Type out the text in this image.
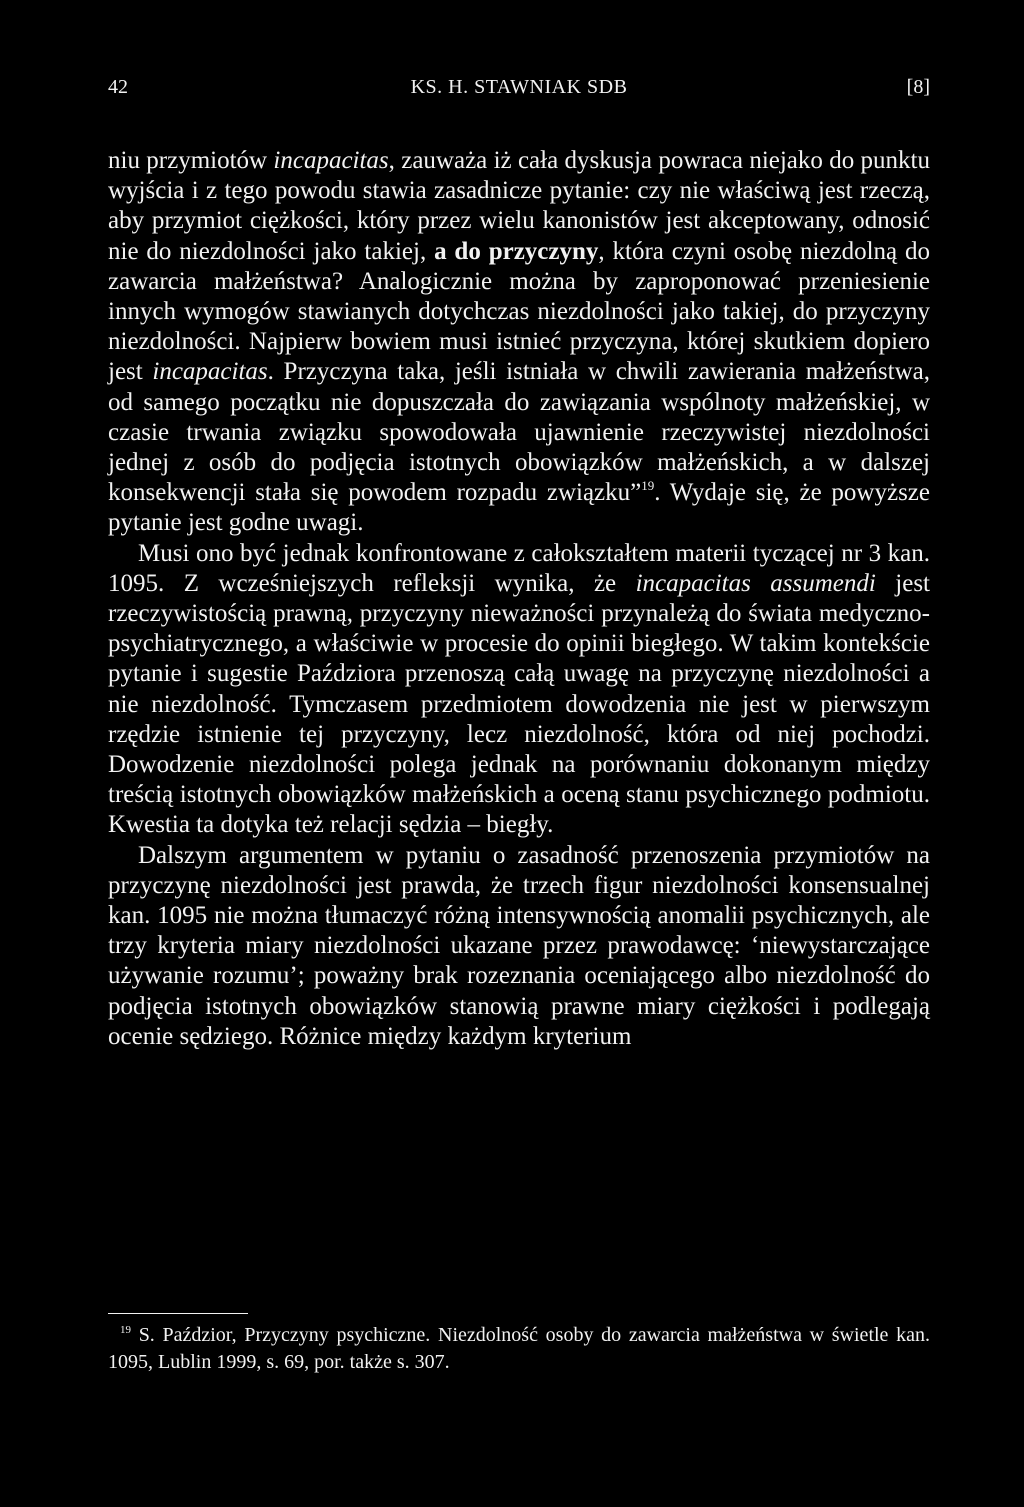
42	KS. H. STAWNIAK SDB	[8]

niu przymiotów incapacitas, zauważa iż cała dyskusja powraca niejako do punktu wyjścia i z tego powodu stawia zasadnicze pytanie: czy nie właściwą jest rzeczą, aby przymiot ciężkości, który przez wielu kanonistów jest akceptowany, odnosić nie do niezdolności jako takiej, a do przyczyny, która czyni osobę niezdolną do zawarcia małżeństwa? Analogicznie można by zaproponować przeniesienie innych wymogów stawianych dotychczas niezdolności jako takiej, do przyczyny niezdolności. Najpierw bowiem musi istnieć przyczyna, której skutkiem dopiero jest incapacitas. Przyczyna taka, jeśli istniała w chwili zawierania małżeństwa, od samego początku nie dopuszczała do zawiązania wspólnoty małżeńskiej, w czasie trwania związku spowodowała ujawnienie rzeczywistej niezdolności jednej z osób do podjęcia istotnych obowiązków małżeńskich, a w dalszej konsekwencji stała się powodem rozpadu związku”$^{19}$. Wydaje się, że powyższe pytanie jest godne uwagi.

Musi ono być jednak konfrontowane z całokształtem materii tyczącej nr 3 kan. 1095. Z wcześniejszych refleksji wynika, że incapacitas assumendi jest rzeczywistością prawną, przyczyny nieważności przynależą do świata medyczno-psychiatrycznego, a właściwie w procesie do opinii biegłego. W takim kontekście pytanie i sugestie Paździora przenoszą całą uwagę na przyczynę niezdolności a nie niezdolność. Tymczasem przedmiotem dowodzenia nie jest w pierwszym rzędzie istnienie tej przyczyny, lecz niezdolność, która od niej pochodzi. Dowodzenie niezdolności polega jednak na porównaniu dokonanym między treścią istotnych obowiązków małżeńskich a oceną stanu psychicznego podmiotu. Kwestia ta dotyka też relacji sędzia – biegły.

Dalszym argumentem w pytaniu o zasadność przenoszenia przymiotów na przyczynę niezdolności jest prawda, że trzech figur niezdolności konsensualnej kan. 1095 nie można tłumaczyć różną intensywnością anomalii psychicznych, ale trzy kryteria miary niezdolności ukazane przez prawodawcę: ‘niewystarczające używanie rozumu’; poważny brak rozeznania oceniającego albo niezdolność do podjęcia istotnych obowiązków stanowią prawne miary ciężkości i podlegają ocenie sędziego. Różnice między każdym kryterium

$^{19}$ S. Paździor, Przyczyny psychiczne. Niezdolność osoby do zawarcia małżeństwa w świetle kan. 1095, Lublin 1999, s. 69, por. także s. 307.
